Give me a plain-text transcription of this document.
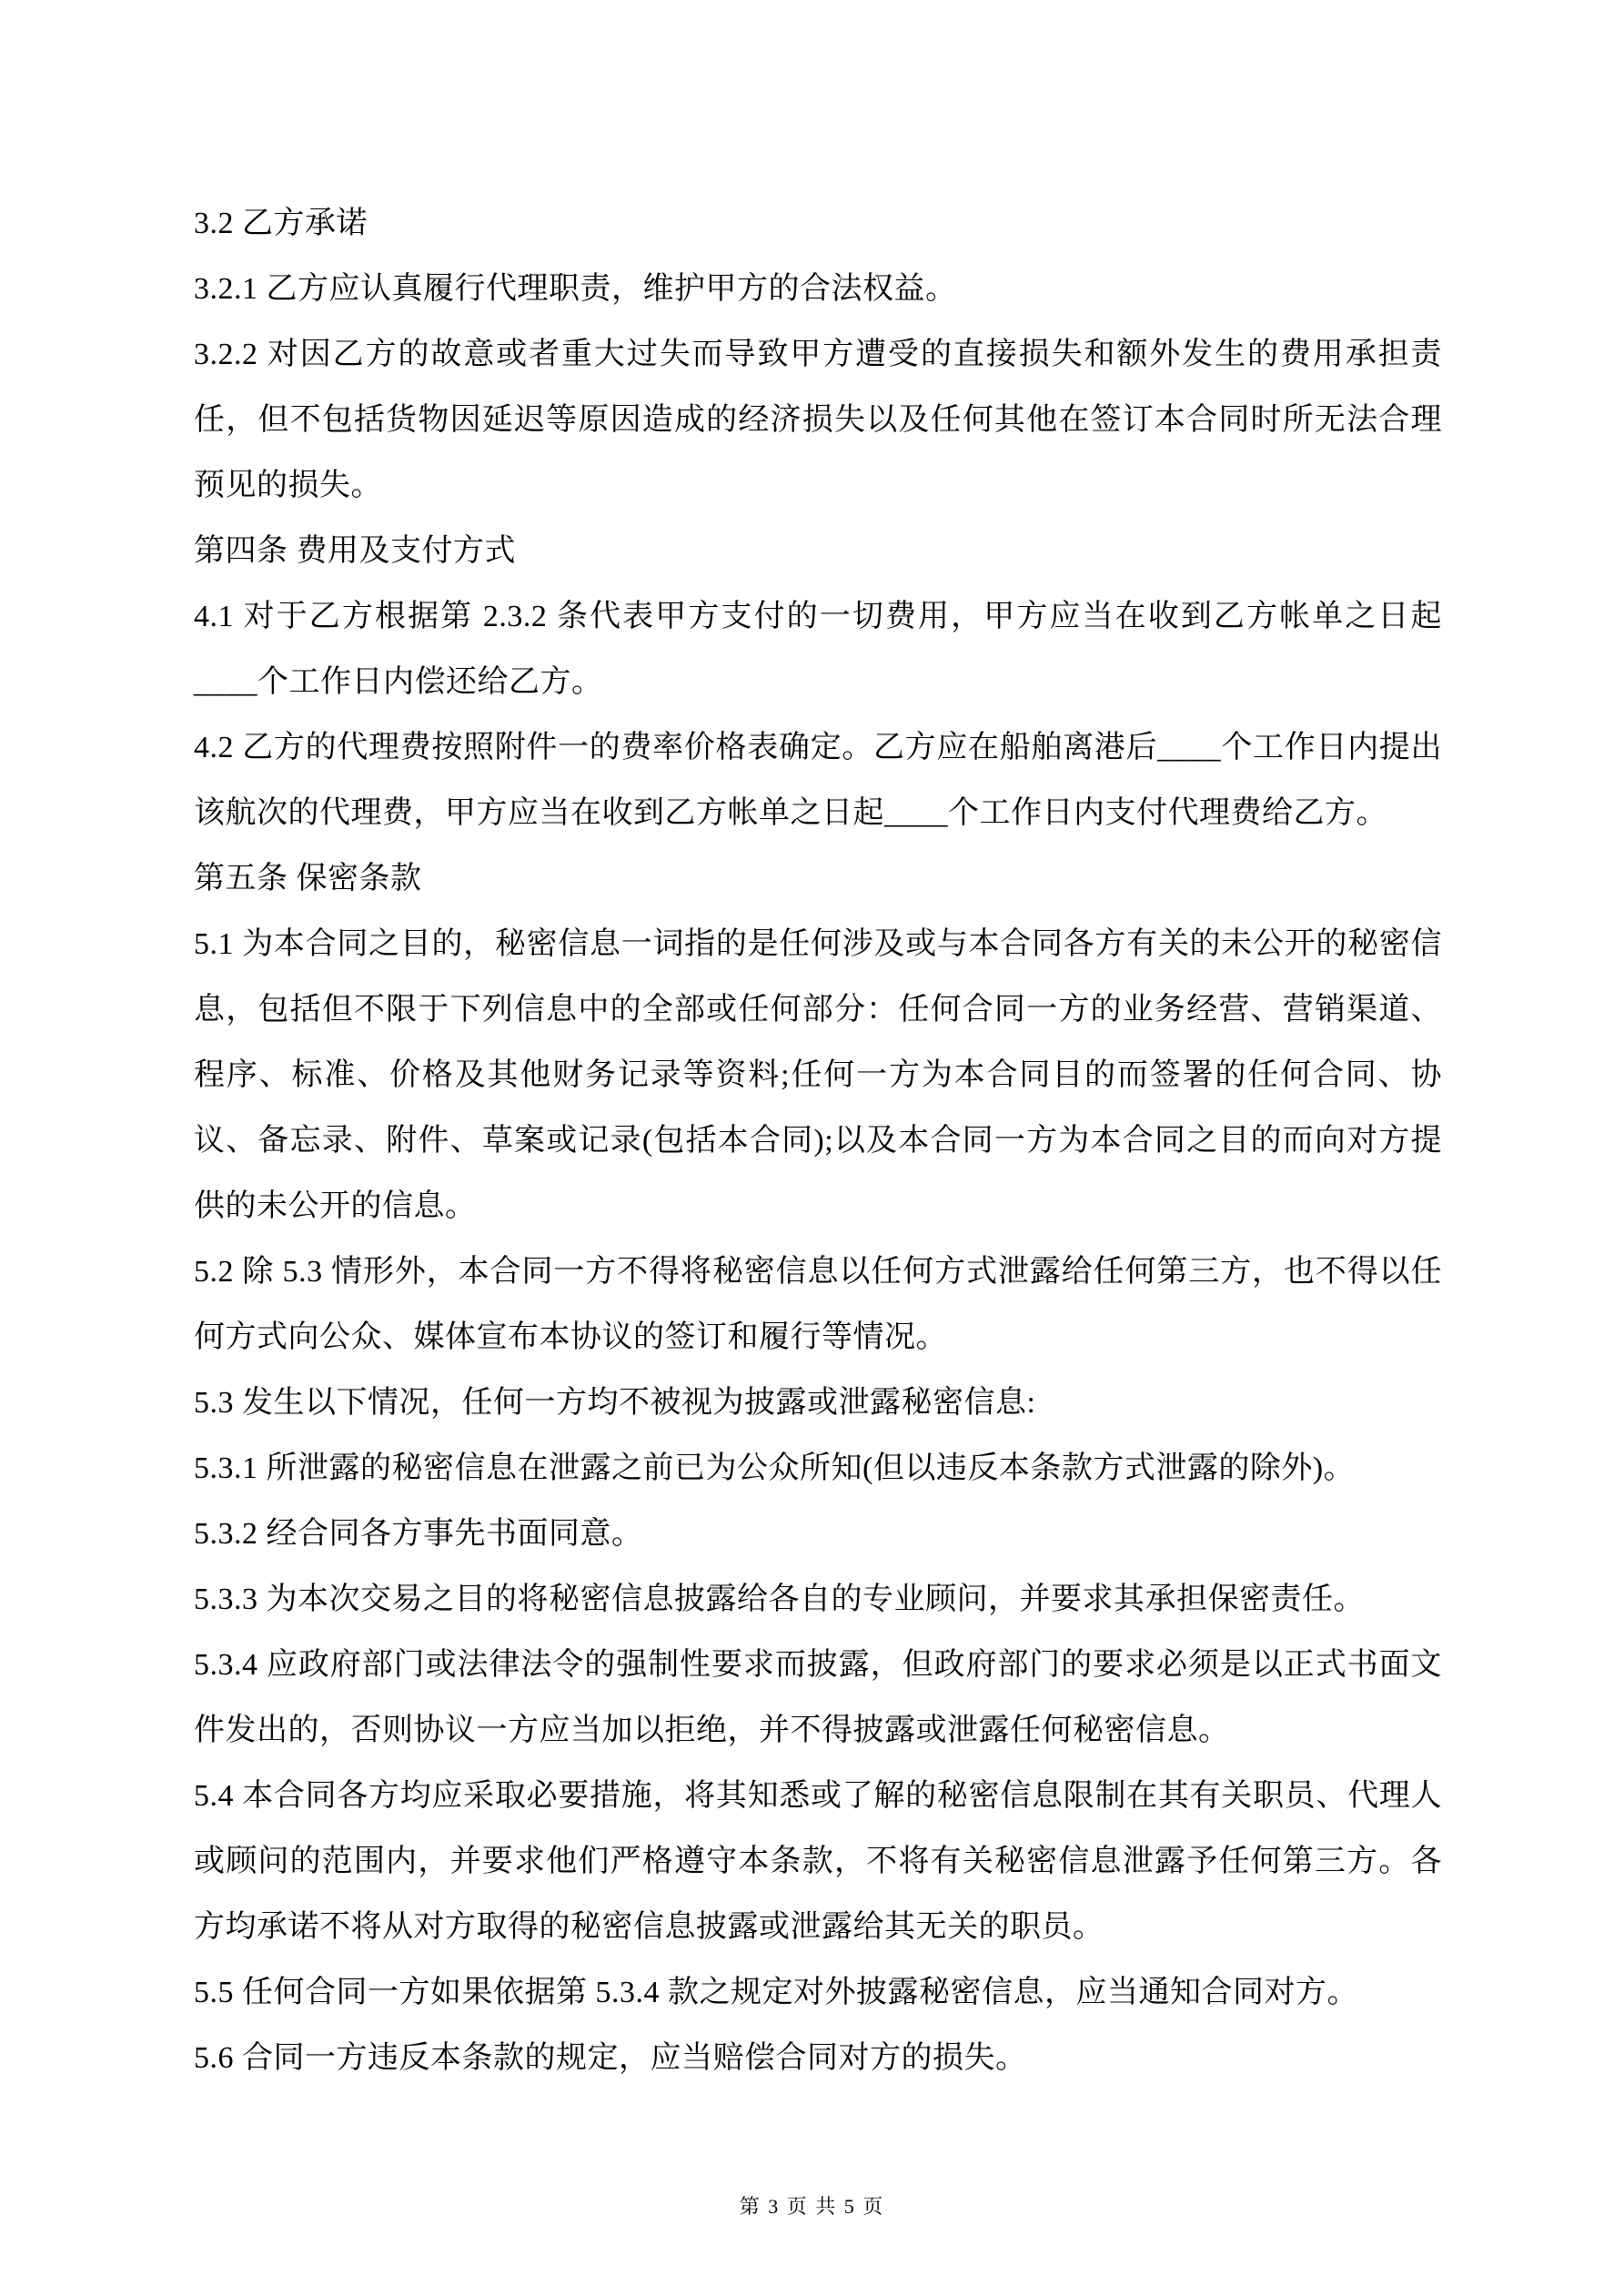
3.2 乙方承诺

3.2.1 乙方应认真履行代理职责，维护甲方的合法权益。

3.2.2 对因乙方的故意或者重大过失而导致甲方遭受的直接损失和额外发生的费用承担责任，但不包括货物因延迟等原因造成的经济损失以及任何其他在签订本合同时所无法合理预见的损失。

第四条 费用及支付方式

4.1 对于乙方根据第 2.3.2 条代表甲方支付的一切费用，甲方应当在收到乙方帐单之日起____个工作日内偿还给乙方。

4.2 乙方的代理费按照附件一的费率价格表确定。乙方应在船舶离港后____个工作日内提出该航次的代理费，甲方应当在收到乙方帐单之日起____个工作日内支付代理费给乙方。

第五条 保密条款

5.1 为本合同之目的，秘密信息一词指的是任何涉及或与本合同各方有关的未公开的秘密信息，包括但不限于下列信息中的全部或任何部分：任何合同一方的业务经营、营销渠道、程序、标准、价格及其他财务记录等资料;任何一方为本合同目的而签署的任何合同、协议、备忘录、附件、草案或记录(包括本合同);以及本合同一方为本合同之目的而向对方提供的未公开的信息。

5.2 除 5.3 情形外，本合同一方不得将秘密信息以任何方式泄露给任何第三方，也不得以任何方式向公众、媒体宣布本协议的签订和履行等情况。

5.3 发生以下情况，任何一方均不被视为披露或泄露秘密信息:

5.3.1 所泄露的秘密信息在泄露之前已为公众所知(但以违反本条款方式泄露的除外)。

5.3.2 经合同各方事先书面同意。

5.3.3 为本次交易之目的将秘密信息披露给各自的专业顾问，并要求其承担保密责任。

5.3.4 应政府部门或法律法令的强制性要求而披露，但政府部门的要求必须是以正式书面文件发出的，否则协议一方应当加以拒绝，并不得披露或泄露任何秘密信息。

5.4 本合同各方均应采取必要措施，将其知悉或了解的秘密信息限制在其有关职员、代理人或顾问的范围内，并要求他们严格遵守本条款，不将有关秘密信息泄露予任何第三方。各方均承诺不将从对方取得的秘密信息披露或泄露给其无关的职员。

5.5 任何合同一方如果依据第 5.3.4 款之规定对外披露秘密信息，应当通知合同对方。

5.6 合同一方违反本条款的规定，应当赔偿合同对方的损失。

第 3 页 共 5 页
